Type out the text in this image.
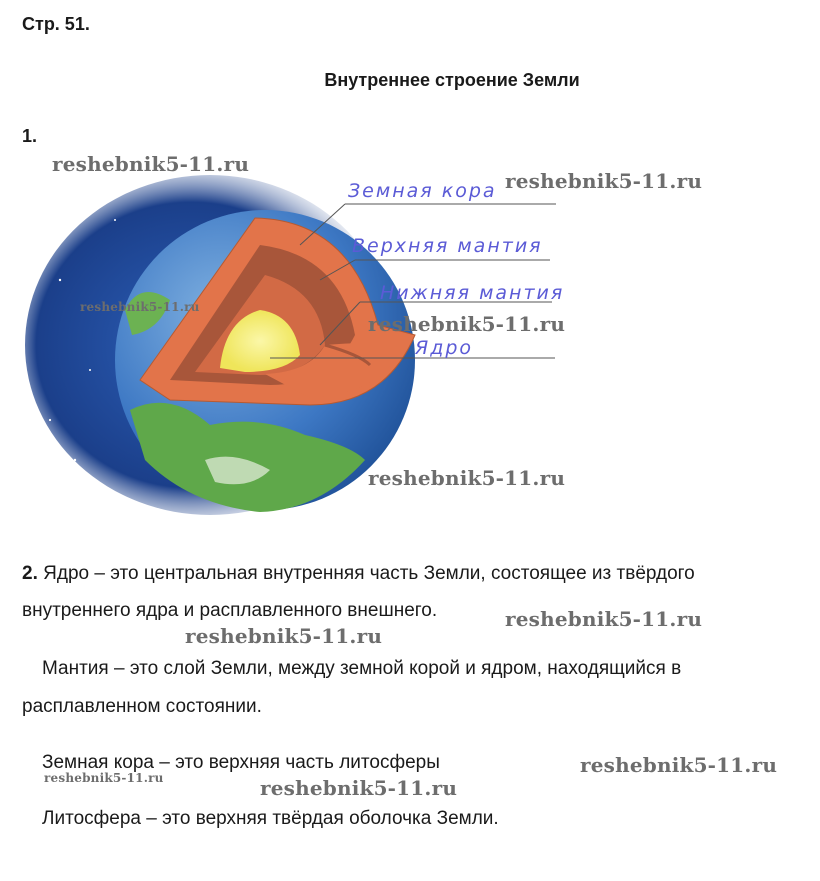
Стр. 51.
Внутреннее строение Земли
1.
Земная кора
Верхняя мантия
Нижняя мантия
Ядро
2. Ядро – это центральная внутренняя часть Земли, состоящее из твёрдого
внутреннего ядра и расплавленного внешнего.
Мантия – это слой Земли, между земной корой и ядром, находящийся в
расплавленном состоянии.
Земная кора – это верхняя часть литосферы
Литосфера – это верхняя твёрдая оболочка Земли.
reshebnik5-11.ru
reshebnik5-11.ru
reshebnik5-11.ru
reshebnik5-11.ru
reshebnik5-11.ru
reshebnik5-11.ru
reshebnik5-11.ru
reshebnik5-11.ru
reshebnik5-11.ru	reshebnik5-11.ru
